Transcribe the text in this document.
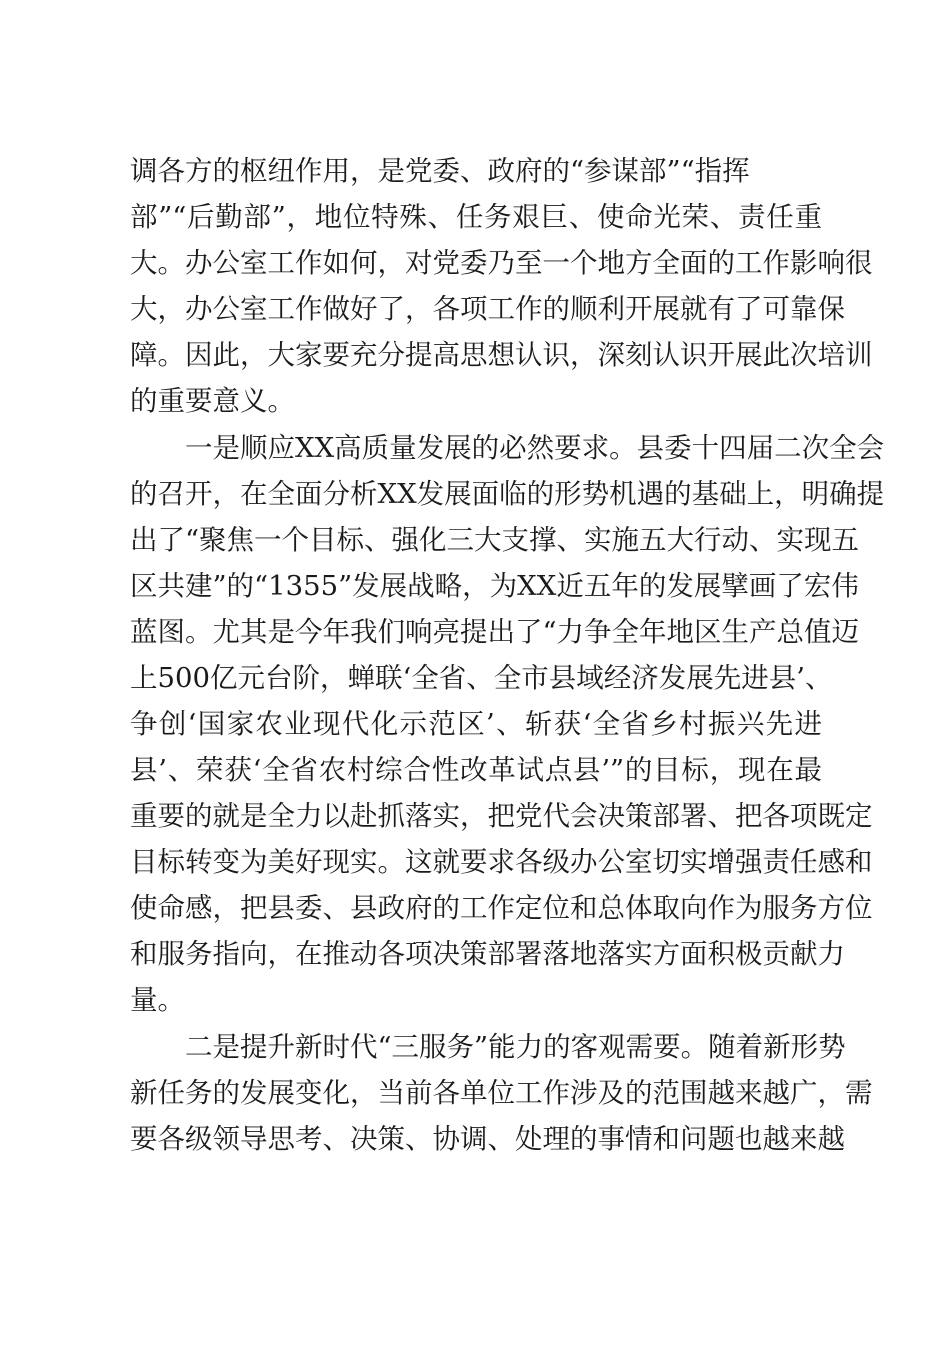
调各方的枢纽作用，是党委、政府的“参谋部”“指挥
部”“后勤部”，地位特殊、任务艰巨、使命光荣、责任重
大。办公室工作如何，对党委乃至一个地方全面的工作影响很
大，办公室工作做好了，各项工作的顺利开展就有了可靠保
障。因此，大家要充分提高思想认识，深刻认识开展此次培训
的重要意义。
一是顺应XX高质量发展的必然要求。县委十四届二次全会
的召开，在全面分析XX发展面临的形势机遇的基础上，明确提
出了“聚焦一个目标、强化三大支撑、实施五大行动、实现五
区共建”的“1355”发展战略，为XX近五年的发展擘画了宏伟
蓝图。尤其是今年我们响亮提出了“力争全年地区生产总值迈
上500亿元台阶，蝉联‘全省、全市县域经济发展先进县’、
争创‘国家农业现代化示范区’、斩获‘全省乡村振兴先进
县’、荣获‘全省农村综合性改革试点县’”的目标，现在最
重要的就是全力以赴抓落实，把党代会决策部署、把各项既定
目标转变为美好现实。这就要求各级办公室切实增强责任感和
使命感，把县委、县政府的工作定位和总体取向作为服务方位
和服务指向，在推动各项决策部署落地落实方面积极贡献力
量。
二是提升新时代“三服务”能力的客观需要。随着新形势
新任务的发展变化，当前各单位工作涉及的范围越来越广，需
要各级领导思考、决策、协调、处理的事情和问题也越来越
